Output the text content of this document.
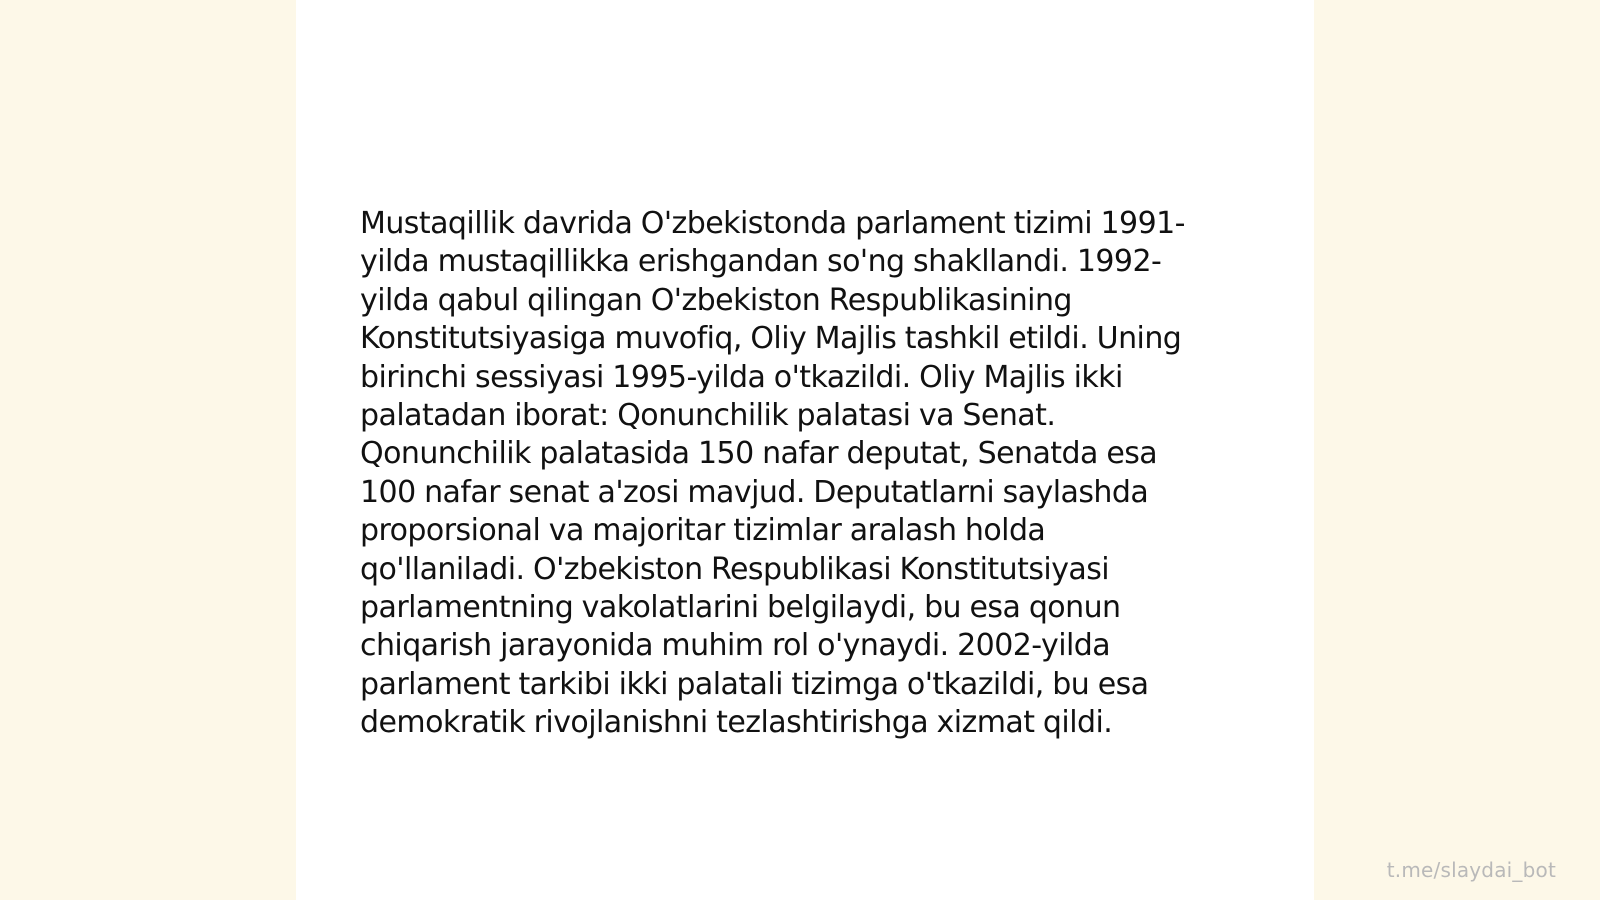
Mustaqillik davrida O'zbekistonda parlament tizimi 1991-
yilda mustaqillikka erishgandan so'ng shakllandi. 1992-
yilda qabul qilingan O'zbekiston Respublikasining
Konstitutsiyasiga muvofiq, Oliy Majlis tashkil etildi. Uning
birinchi sessiyasi 1995-yilda o'tkazildi. Oliy Majlis ikki
palatadan iborat: Qonunchilik palatasi va Senat.
Qonunchilik palatasida 150 nafar deputat, Senatda esa
100 nafar senat a'zosi mavjud. Deputatlarni saylashda
proporsional va majoritar tizimlar aralash holda
qo'llaniladi. O'zbekiston Respublikasi Konstitutsiyasi
parlamentning vakolatlarini belgilaydi, bu esa qonun
chiqarish jarayonida muhim rol o'ynaydi. 2002-yilda
parlament tarkibi ikki palatali tizimga o'tkazildi, bu esa
demokratik rivojlanishni tezlashtirishga xizmat qildi.

t.me/slaydai_bot
